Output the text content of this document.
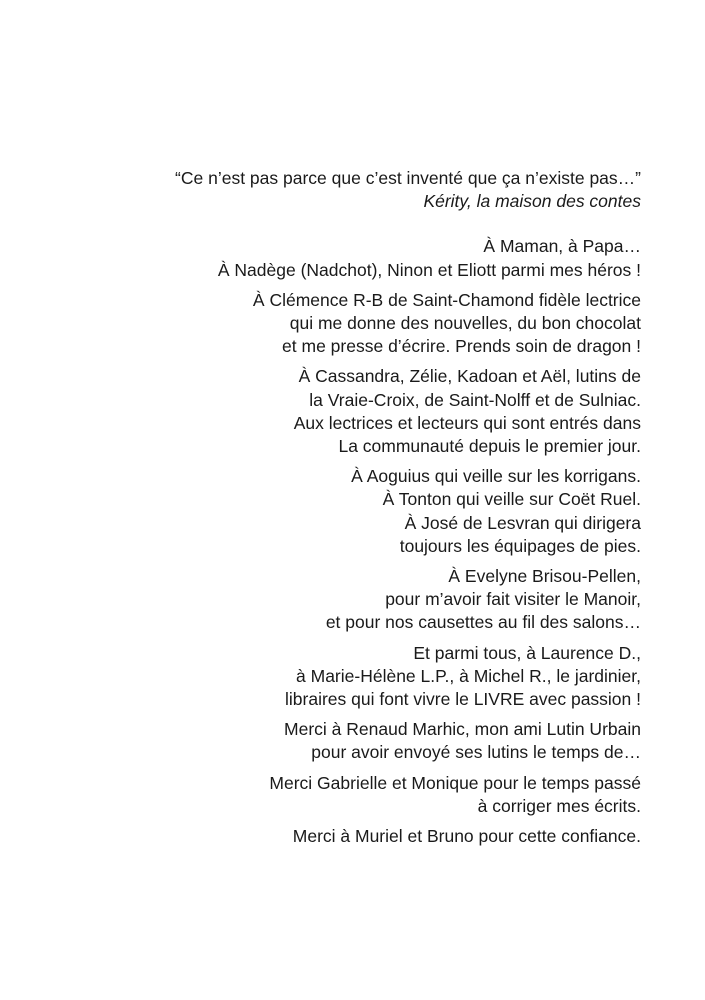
“Ce n’est pas parce que c’est inventé que ça n’existe pas…”

Kérity, la maison des contes

À Maman, à Papa…
À Nadège (Nadchot), Ninon et Eliott parmi mes héros !

À Clémence R-B de Saint-Chamond fidèle lectrice
qui me donne des nouvelles, du bon chocolat
et me presse d’écrire. Prends soin de dragon !

À Cassandra, Zélie, Kadoan et Aël, lutins de
la Vraie-Croix, de Saint-Nolff et de Sulniac.
Aux lectrices et lecteurs qui sont entrés dans
La communauté depuis le premier jour.

À Aoguius qui veille sur les korrigans.
À Tonton qui veille sur Coët Ruel.
À José de Lesvran qui dirigera
toujours les équipages de pies.

À Evelyne Brisou-Pellen,
pour m’avoir fait visiter le Manoir,
et pour nos causettes au fil des salons…

Et parmi tous, à Laurence D.,
à Marie-Hélène L.P., à Michel R., le jardinier,
libraires qui font vivre le LIVRE avec passion !

Merci à Renaud Marhic, mon ami Lutin Urbain
pour avoir envoyé ses lutins le temps de…

Merci Gabrielle et Monique pour le temps passé
à corriger mes écrits.

Merci à Muriel et Bruno pour cette confiance.
